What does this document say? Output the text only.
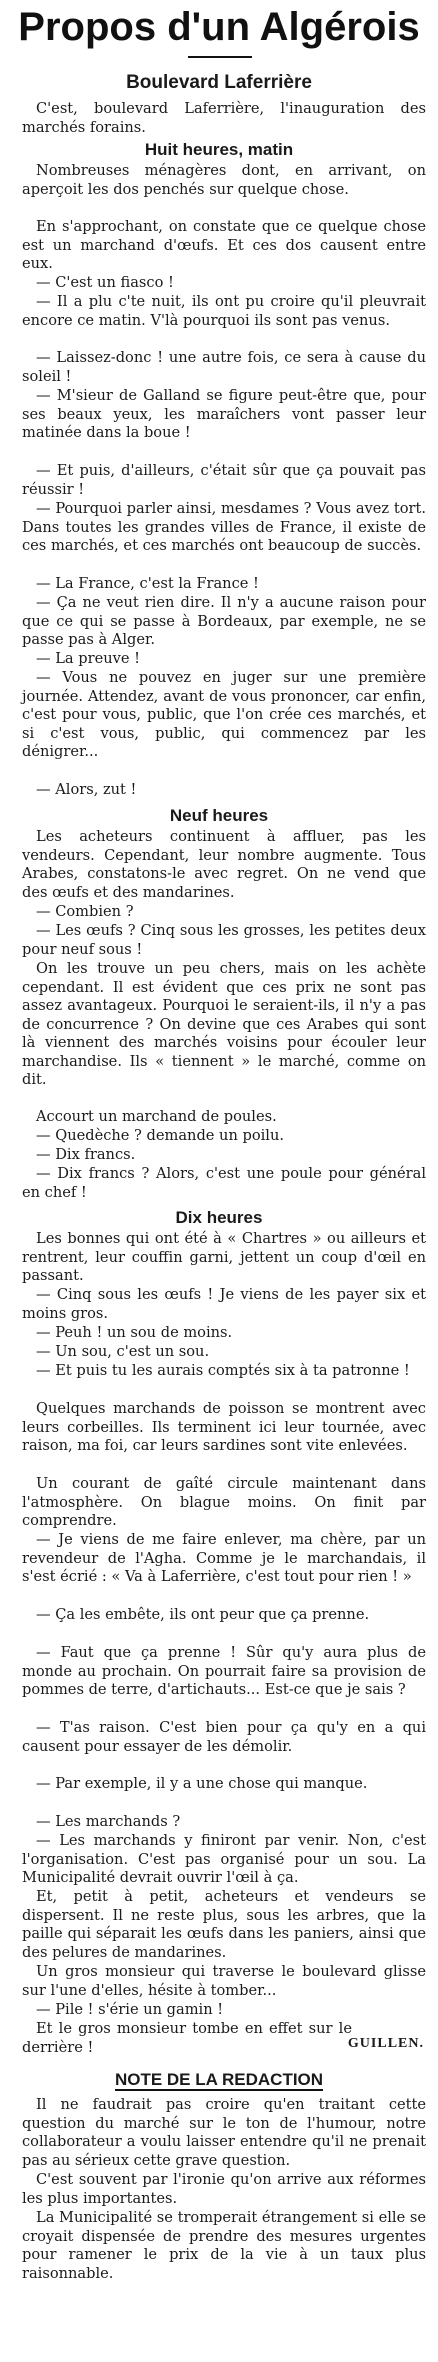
Propos d'un Algérois
Boulevard Laferrière
C'est, boulevard Laferrière, l'inauguration des marchés forains.
Huit heures, matin
Nombreuses ménagères dont, en arrivant, on aperçoit les dos penchés sur quelque chose.
En s'approchant, on constate que ce quelque chose est un marchand d'œufs. Et ces dos causent entre eux.
— C'est un fiasco !
— Il a plu c'te nuit, ils ont pu croire qu'il pleuvrait encore ce matin. V'là pourquoi ils sont pas venus.
— Laissez-donc ! une autre fois, ce sera à cause du soleil !
— M'sieur de Galland se figure peut-être que, pour ses beaux yeux, les maraîchers vont passer leur matinée dans la boue !
— Et puis, d'ailleurs, c'était sûr que ça pouvait pas réussir !
— Pourquoi parler ainsi, mesdames ? Vous avez tort. Dans toutes les grandes villes de France, il existe de ces marchés, et ces marchés ont beaucoup de succès.
— La France, c'est la France !
— Ça ne veut rien dire. Il n'y a aucune raison pour que ce qui se passe à Bordeaux, par exemple, ne se passe pas à Alger.
— La preuve !
— Vous ne pouvez en juger sur une première journée. Attendez, avant de vous prononcer, car enfin, c'est pour vous, public, que l'on crée ces marchés, et si c'est vous, public, qui commencez par les dénigrer...
— Alors, zut !
Neuf heures
Les acheteurs continuent à affluer, pas les vendeurs. Cependant, leur nombre augmente. Tous Arabes, constatons-le avec regret. On ne vend que des œufs et des mandarines.
— Combien ?
— Les œufs ? Cinq sous les grosses, les petites deux pour neuf sous !
On les trouve un peu chers, mais on les achète cependant. Il est évident que ces prix ne sont pas assez avantageux. Pourquoi le seraient-ils, il n'y a pas de concurrence ? On devine que ces Arabes qui sont là viennent des marchés voisins pour écouler leur marchandise. Ils « tiennent » le marché, comme on dit.
Accourt un marchand de poules.
— Quedèche ? demande un poilu.
— Dix francs.
— Dix francs ? Alors, c'est une poule pour général en chef !
Dix heures
Les bonnes qui ont été à « Chartres » ou ailleurs et rentrent, leur couffin garni, jettent un coup d'œil en passant.
— Cinq sous les œufs ! Je viens de les payer six et moins gros.
— Peuh ! un sou de moins.
— Un sou, c'est un sou.
— Et puis tu les aurais comptés six à ta patronne !
Quelques marchands de poisson se montrent avec leurs corbeilles. Ils terminent ici leur tournée, avec raison, ma foi, car leurs sardines sont vite enlevées.
Un courant de gaîté circule maintenant dans l'atmosphère. On blague moins. On finit par comprendre.
— Je viens de me faire enlever, ma chère, par un revendeur de l'Agha. Comme je le marchandais, il s'est écrié : « Va à Laferrière, c'est tout pour rien ! »
— Ça les embête, ils ont peur que ça prenne.
— Faut que ça prenne ! Sûr qu'y aura plus de monde au prochain. On pourrait faire sa provision de pommes de terre, d'artichauts... Est-ce que je sais ?
— T'as raison. C'est bien pour ça qu'y en a qui causent pour essayer de les démolir.
— Par exemple, il y a une chose qui manque.
— Les marchands ?
— Les marchands y finiront par venir. Non, c'est l'organisation. C'est pas organisé pour un sou. La Municipalité devrait ouvrir l'œil à ça.
Et, petit à petit, acheteurs et vendeurs se dispersent. Il ne reste plus, sous les arbres, que la paille qui séparait les œufs dans les paniers, ainsi que des pelures de mandarines.
Un gros monsieur qui traverse le boulevard glisse sur l'une d'elles, hésite à tomber...
— Pile ! s'érie un gamin !
Et le gros monsieur tombe en effet sur le derrière !	GUILLEN.
NOTE DE LA REDACTION
Il ne faudrait pas croire qu'en traitant cette question du marché sur le ton de l'humour, notre collaborateur a voulu laisser entendre qu'il ne prenait pas au sérieux cette grave question.
C'est souvent par l'ironie qu'on arrive aux réformes les plus importantes.
La Municipalité se tromperait étrangement si elle se croyait dispensée de prendre des mesures urgentes pour ramener le prix de la vie à un taux plus raisonnable.
